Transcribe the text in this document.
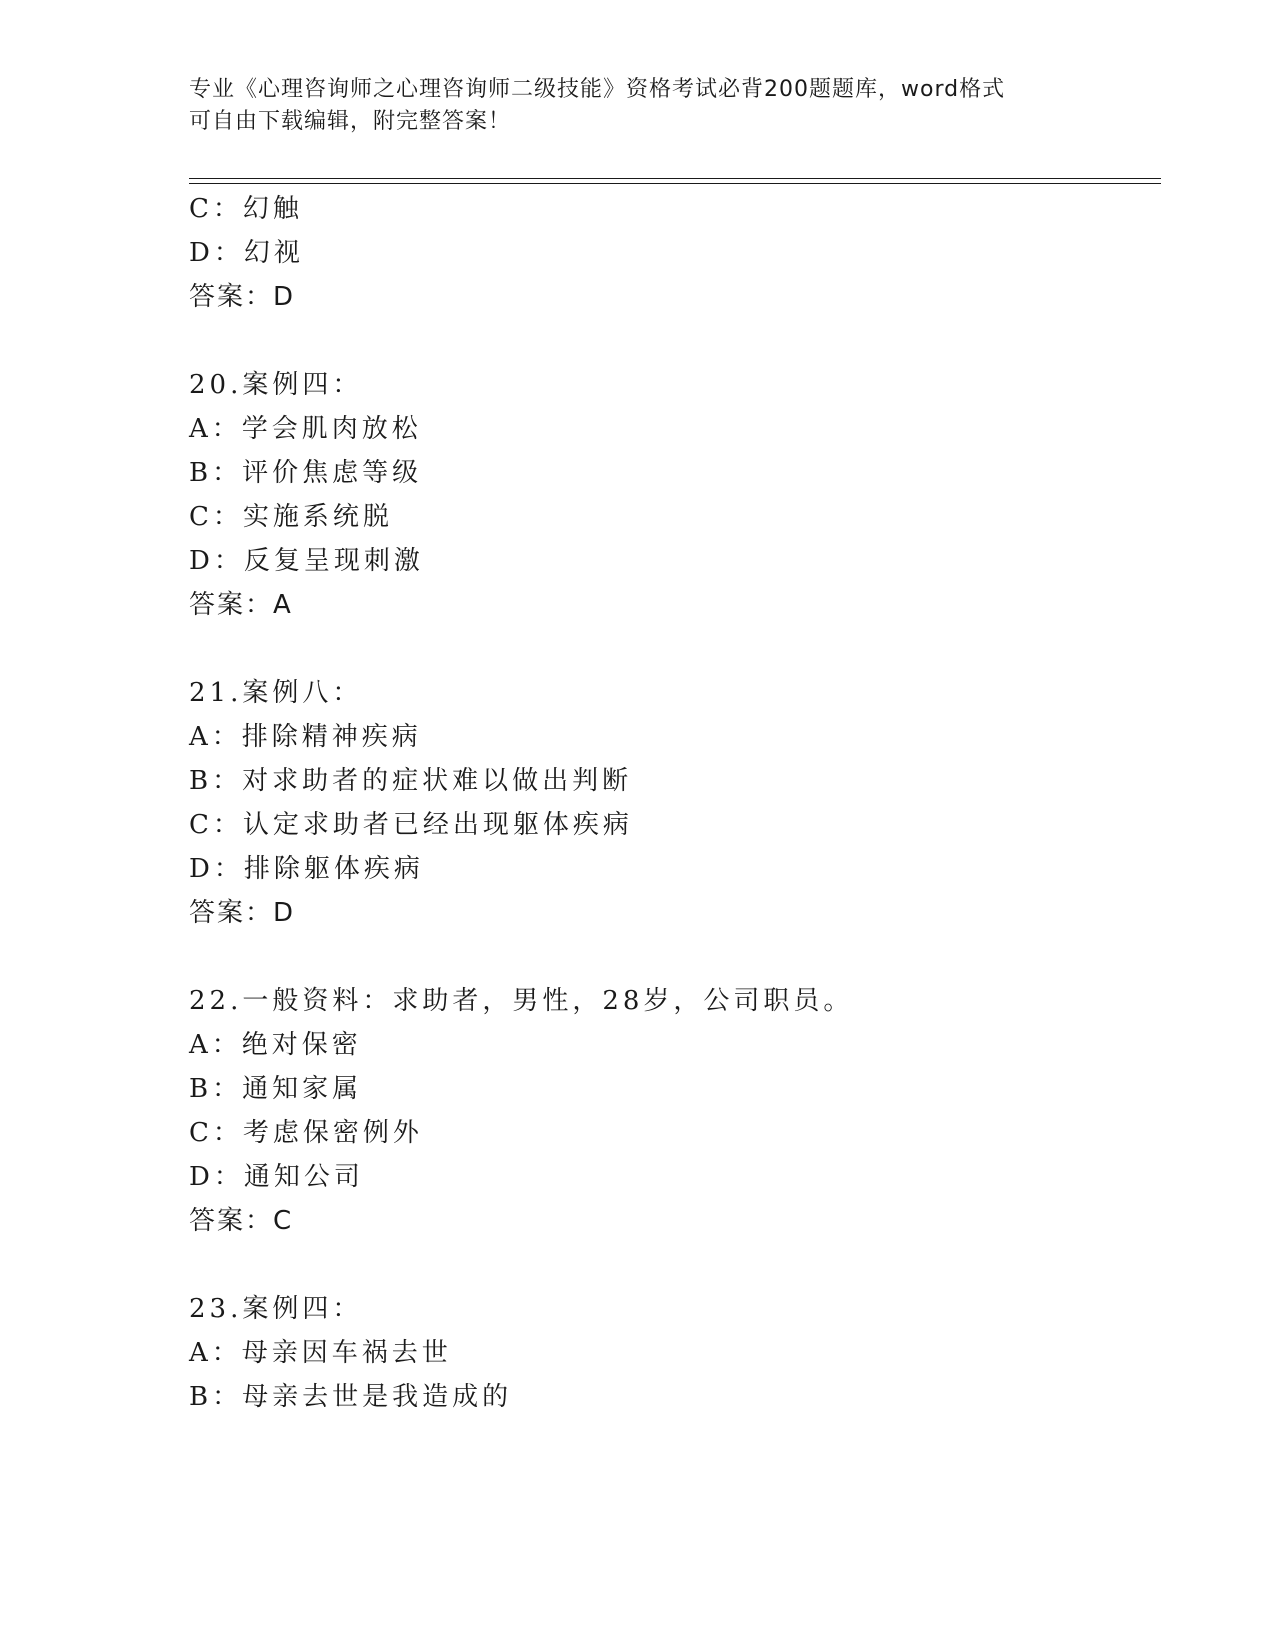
专业《心理咨询师之心理咨询师二级技能》资格考试必背200题题库，word格式
可自由下载编辑，附完整答案！
C：幻触
D：幻视
答案：D
20.案例四：
A：学会肌肉放松
B：评价焦虑等级
C：实施系统脱
D：反复呈现刺激
答案：A
21.案例八：
A：排除精神疾病
B：对求助者的症状难以做出判断
C：认定求助者已经出现躯体疾病
D：排除躯体疾病
答案：D
22.一般资料：求助者，男性，28岁，公司职员。
A：绝对保密
B：通知家属
C：考虑保密例外
D：通知公司
答案：C
23.案例四：
A：母亲因车祸去世
B：母亲去世是我造成的
